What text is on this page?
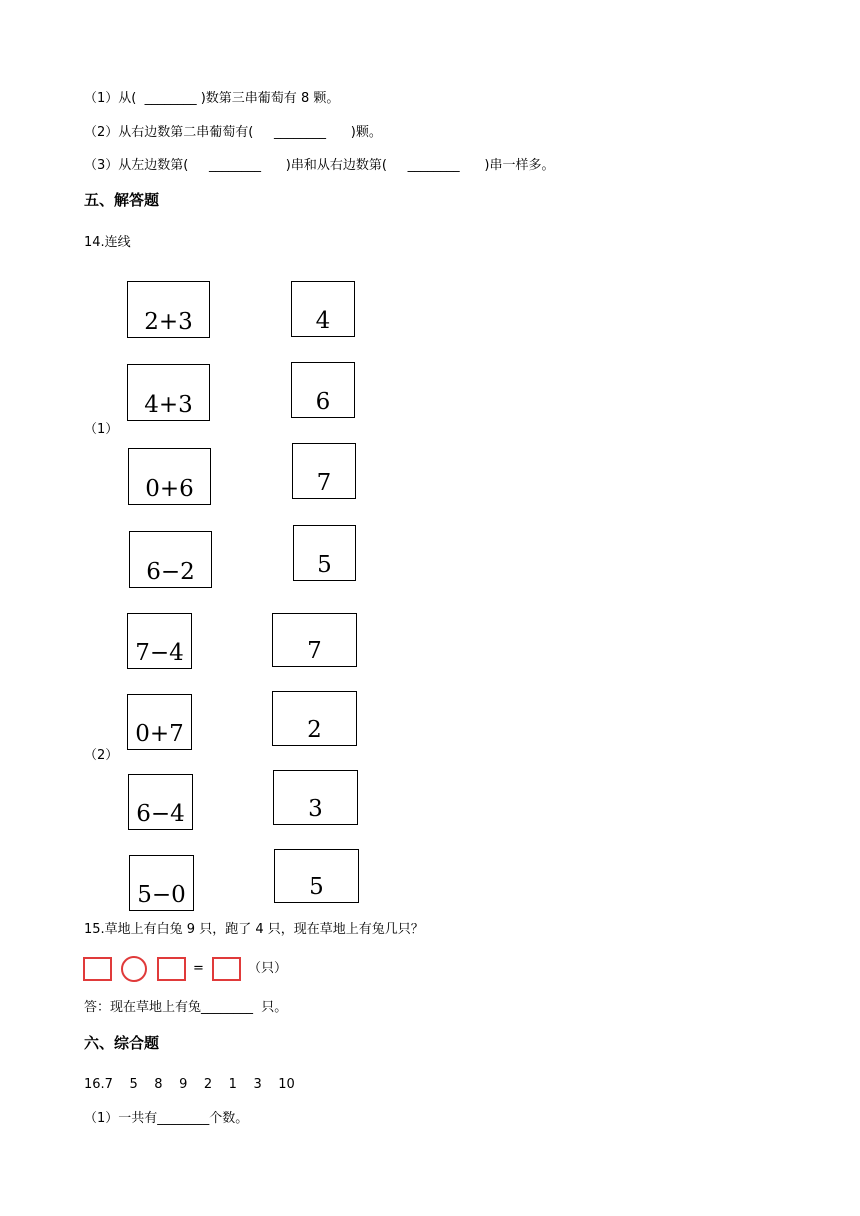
（1）从(  ________ )数第三串葡萄有 8 颗。
（2）从右边数第二串葡萄有(     ________      )颗。
（3）从左边数第(     ________      )串和从右边数第(     ________      )串一样多。
五、解答题
14.连线
（1）
2+3
4+3
0+6
6−2
4
6
7
5
（2）
7−4
0+7
6−4
5−0
7
2
3
5
15.草地上有白兔 9 只，跑了 4 只，现在草地上有兔几只？
=	（只）
答：现在草地上有兔________  只。
六、综合题
16.7    5    8    9    2    1    3    10
（1）一共有________个数。
